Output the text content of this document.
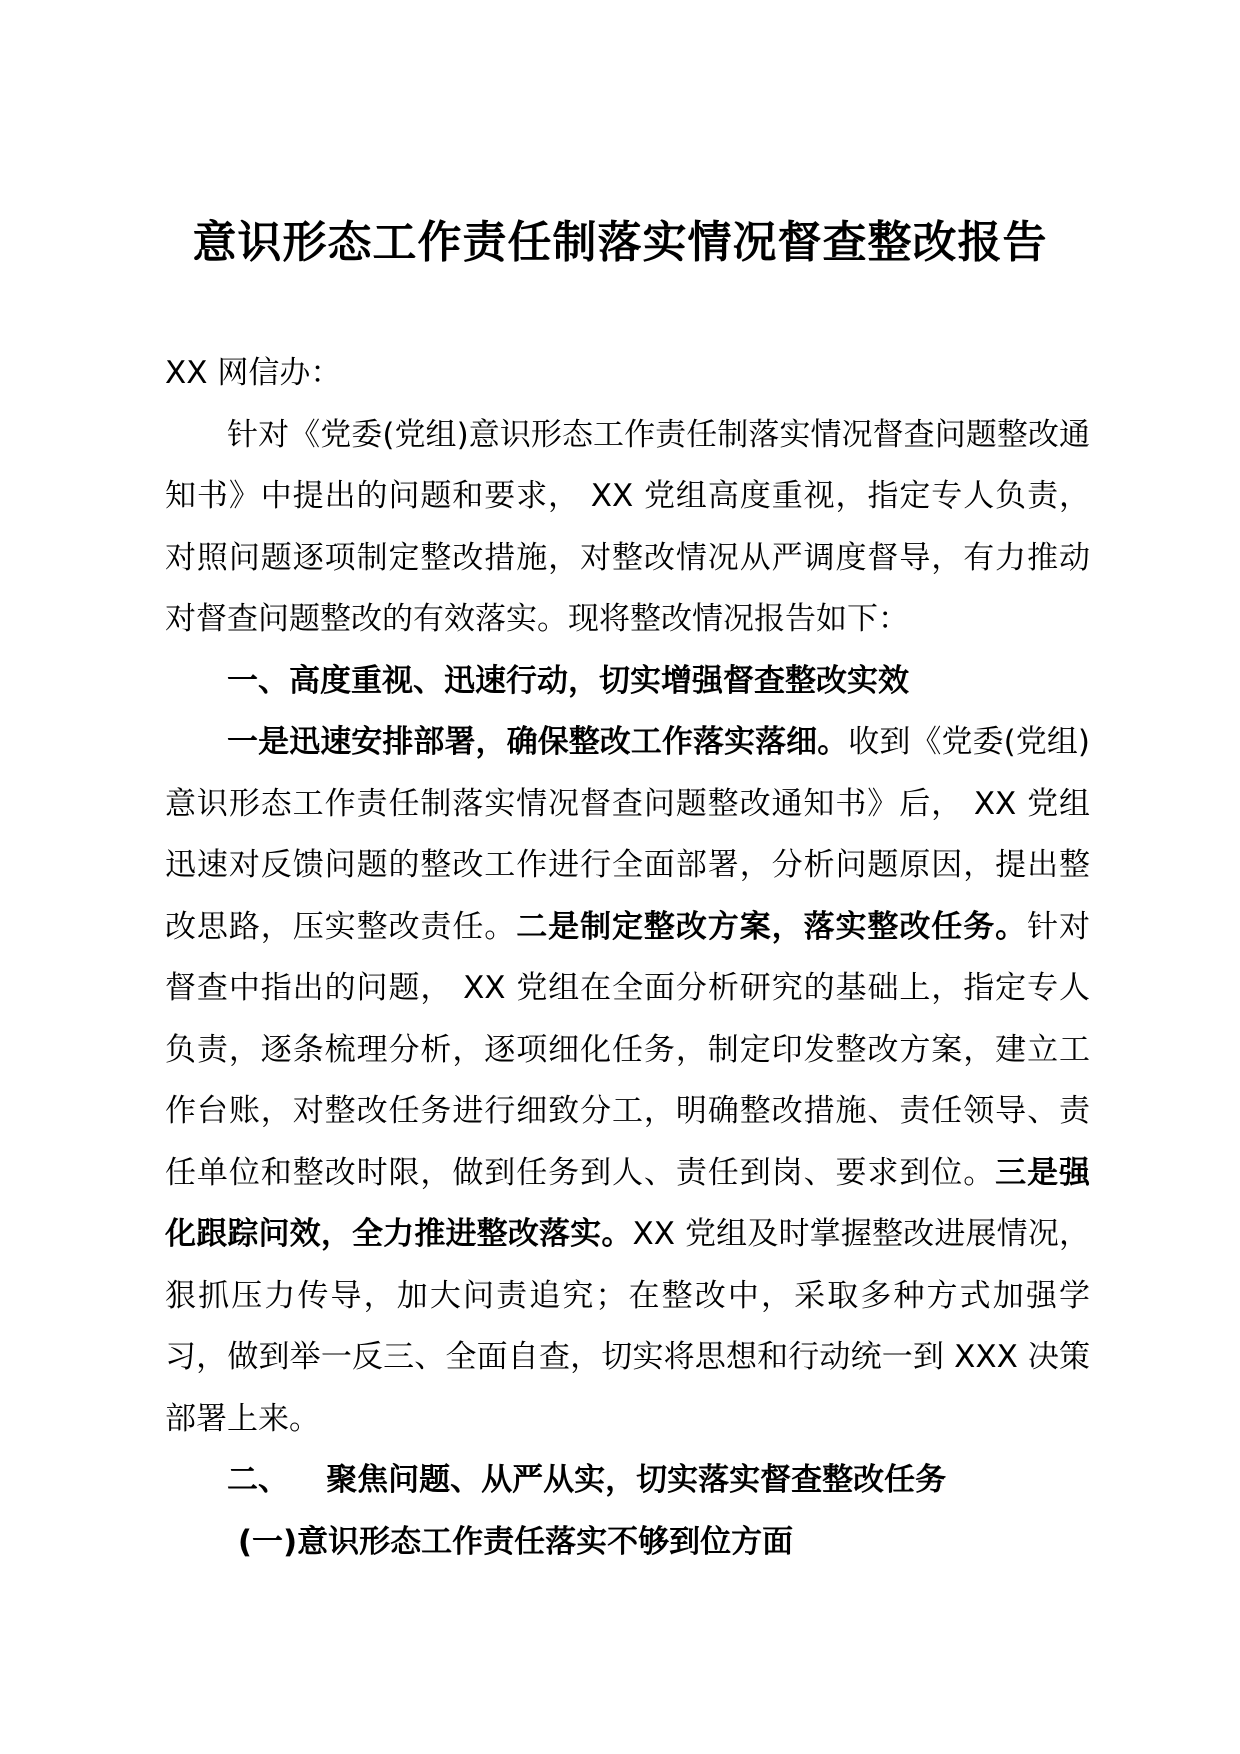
意识形态工作责任制落实情况督查整改报告

XX 网信办：

针对《党委(党组)意识形态工作责任制落实情况督查问题整改通知书》中提出的问题和要求， XX 党组高度重视，指定专人负责，对照问题逐项制定整改措施，对整改情况从严调度督导，有力推动对督查问题整改的有效落实。现将整改情况报告如下：

一、高度重视、迅速行动，切实增强督查整改实效

一是迅速安排部署，确保整改工作落实落细。收到《党委(党组)意识形态工作责任制落实情况督查问题整改通知书》后， XX 党组迅速对反馈问题的整改工作进行全面部署，分析问题原因，提出整改思路，压实整改责任。二是制定整改方案，落实整改任务。针对督查中指出的问题， XX 党组在全面分析研究的基础上，指定专人负责，逐条梳理分析，逐项细化任务，制定印发整改方案，建立工作台账，对整改任务进行细致分工，明确整改措施、责任领导、责任单位和整改时限，做到任务到人、责任到岗、要求到位。三是强化跟踪问效，全力推进整改落实。XX 党组及时掌握整改进展情况，狠抓压力传导，加大问责追究；在整改中，采取多种方式加强学习，做到举一反三、全面自查，切实将思想和行动统一到 XXX 决策部署上来。

二、 聚焦问题、从严从实，切实落实督查整改任务

(一)意识形态工作责任落实不够到位方面
